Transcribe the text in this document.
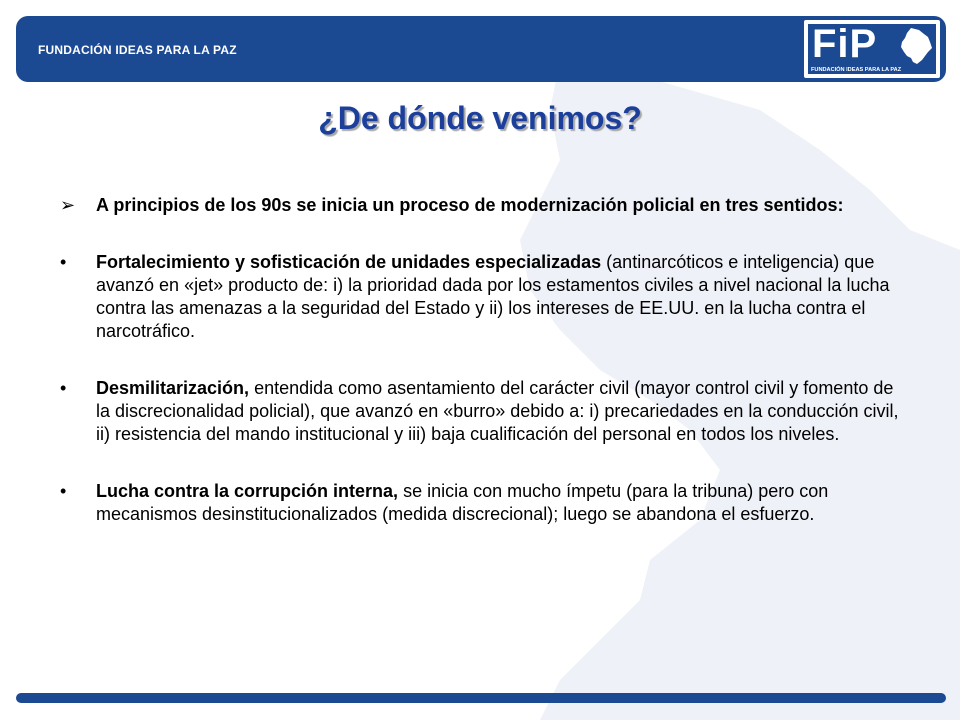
FUNDACIÓN IDEAS PARA LA PAZ	FiP
FUNDACIÓN IDEAS PARA LA PAZ
¿De dónde venimos?
➢	A principios de los 90s se inicia un proceso de modernización policial en tres sentidos:
•	Fortalecimiento y sofisticación de unidades especializadas (antinarcóticos e inteligencia) que avanzó en «jet» producto de: i) la prioridad dada por los estamentos civiles a nivel nacional la lucha contra las amenazas a la seguridad del Estado y ii) los intereses de EE.UU. en la lucha contra el narcotráfico.
•	Desmilitarización, entendida como asentamiento del carácter civil (mayor control civil y fomento de la discrecionalidad policial), que avanzó en «burro» debido a: i) precariedades en la conducción civil, ii) resistencia del mando institucional y iii) baja cualificación del personal en todos los niveles.
•	Lucha contra la corrupción interna, se inicia con mucho ímpetu (para la tribuna) pero con mecanismos desinstitucionalizados (medida discrecional); luego se abandona el esfuerzo.
